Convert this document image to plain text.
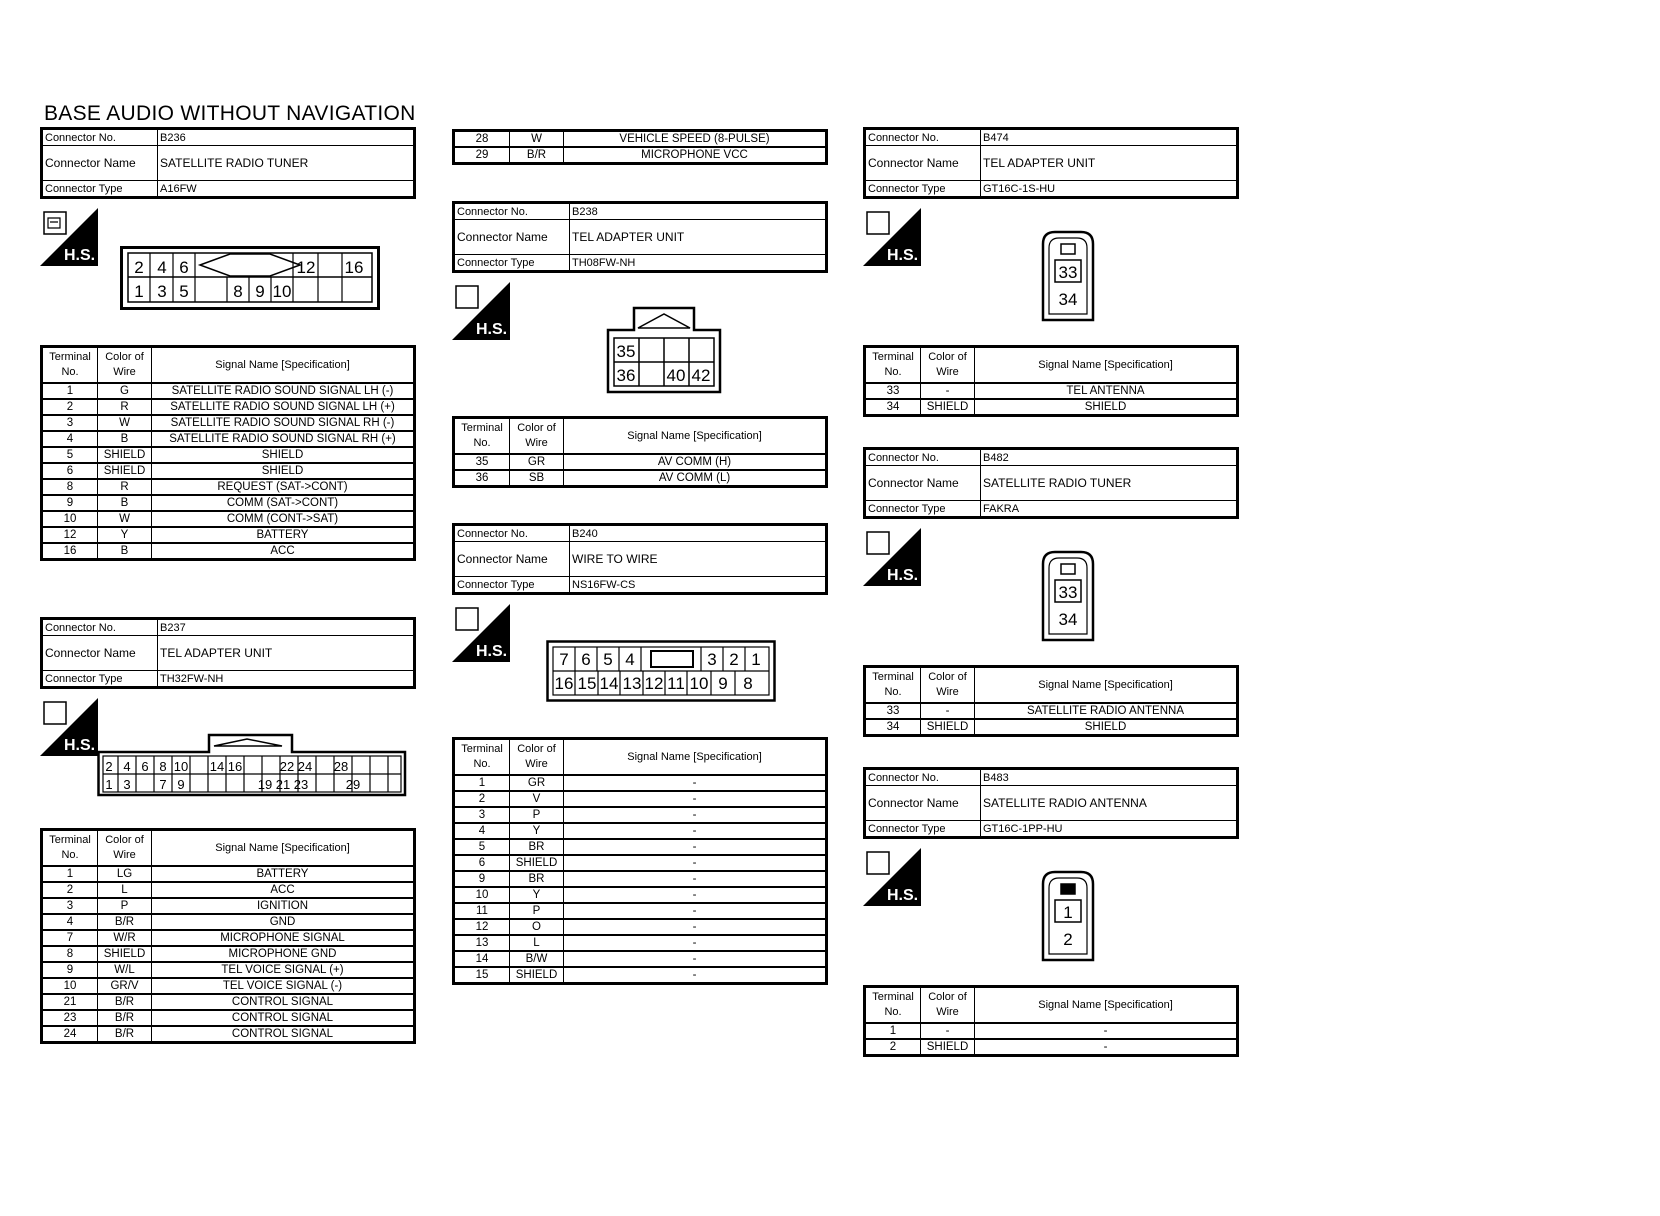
BASE AUDIO WITHOUT NAVIGATION
Connector No.	B236
Connector Name	SATELLITE RADIO TUNER
Connector Type	A16FW
H.S.
2 4 6	12 16
1 3 5	8 9 10
Terminal No.	Color of Wire	Signal Name [Specification]
1	G	SATELLITE RADIO SOUND SIGNAL LH (-)
2	R	SATELLITE RADIO SOUND SIGNAL LH (+)
3	W	SATELLITE RADIO SOUND SIGNAL RH (-)
4	B	SATELLITE RADIO SOUND SIGNAL RH (+)
5	SHIELD	SHIELD
6	SHIELD	SHIELD
8	R	REQUEST (SAT->CONT)
9	B	COMM (SAT->CONT)
10	W	COMM (CONT->SAT)
12	Y	BATTERY
16	B	ACC
Connector No.	B237
Connector Name	TEL ADAPTER UNIT
Connector Type	TH32FW-NH
H.S.
2 4 6 8 10 14 16	22 24 28
1 3 7 9	19 21 23	29
Terminal No.	Color of Wire	Signal Name [Specification]
1	LG	BATTERY
2	L	ACC
3	P	IGNITION
4	B/R	GND
7	W/R	MICROPHONE SIGNAL
8	SHIELD	MICROPHONE GND
9	W/L	TEL VOICE SIGNAL (+)
10	GR/V	TEL VOICE SIGNAL (-)
21	B/R	CONTROL SIGNAL
23	B/R	CONTROL SIGNAL
24	B/R	CONTROL SIGNAL
28	W	VEHICLE SPEED (8-PULSE)
29	B/R	MICROPHONE VCC
Connector No.	B238
Connector Name	TEL ADAPTER UNIT
Connector Type	TH08FW-NH
H.S.
35
36 40 42
Terminal No.	Color of Wire	Signal Name [Specification]
35	GR	AV COMM (H)
36	SB	AV COMM (L)
Connector No.	B240
Connector Name	WIRE TO WIRE
Connector Type	NS16FW-CS
H.S.	7 6 5 4	3 2 1
16 15 14 13 12 11 10 9 8
Terminal No.	Color of Wire	Signal Name [Specification]
1	GR	-
2	V	-
3	P	-
4	Y	-
5	BR	-
6	SHIELD	-
9	BR	-
10	Y	-
11	P	-
12	O	-
13	L	-
14	B/W	-
15	SHIELD	-
Connector No.	B474
Connector Name	TEL ADAPTER UNIT
Connector Type	GT16C-1S-HU
H.S.
33
34
Terminal No.	Color of Wire	Signal Name [Specification]
33	-	TEL ANTENNA
34	SHIELD	SHIELD
Connector No.	B482
Connector Name	SATELLITE RADIO TUNER
Connector Type	FAKRA
H.S.
33
34
Terminal No.	Color of Wire	Signal Name [Specification]
33	-	SATELLITE RADIO ANTENNA
34	SHIELD	SHIELD
Connector No.	B483
Connector Name	SATELLITE RADIO ANTENNA
Connector Type	GT16C-1PP-HU
H.S.
1
2
Terminal No.	Color of Wire	Signal Name [Specification]
1	-	-
2	SHIELD	-
